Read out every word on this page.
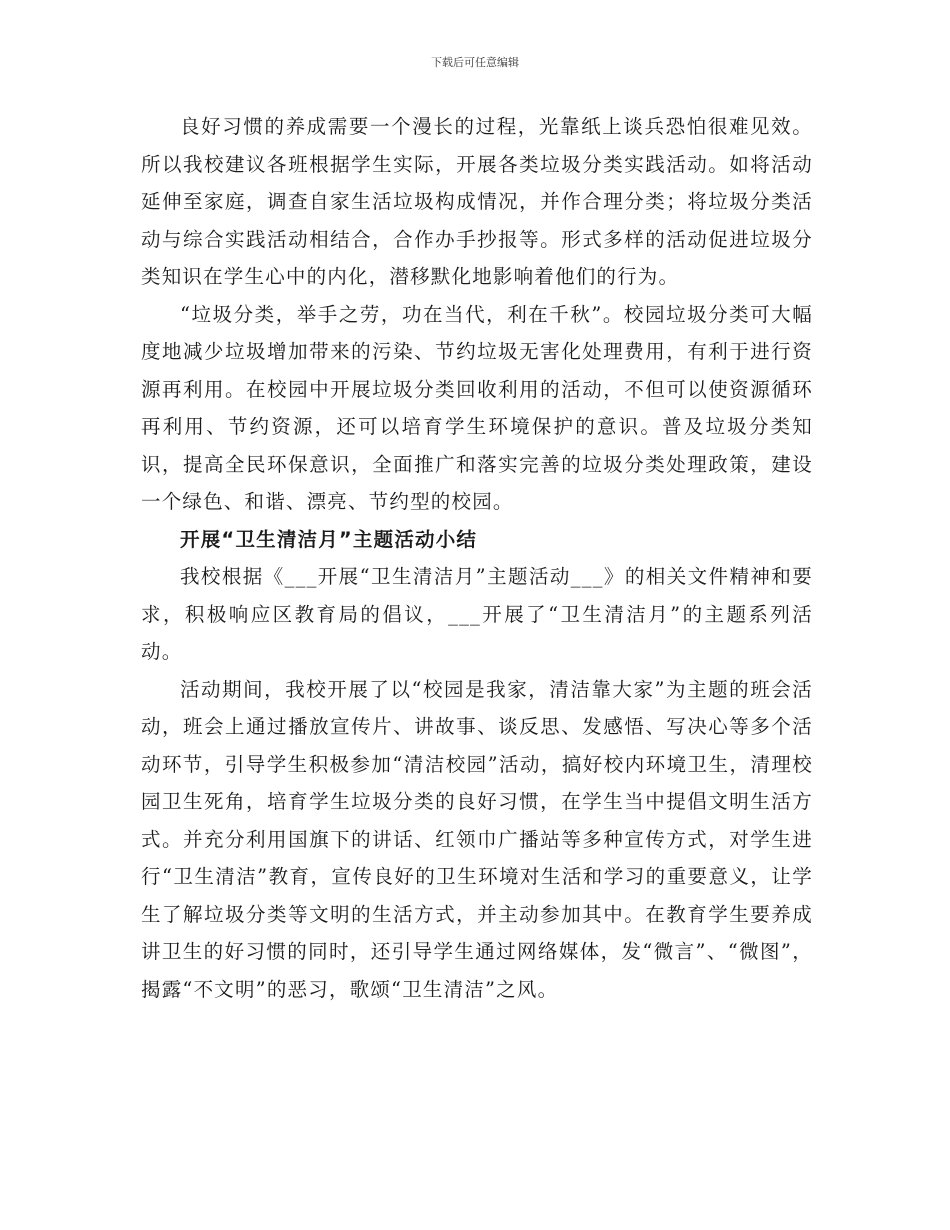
下载后可任意编辑

良好习惯的养成需要一个漫长的过程，光靠纸上谈兵恐怕很难见效。所以我校建议各班根据学生实际，开展各类垃圾分类实践活动。如将活动延伸至家庭，调查自家生活垃圾构成情况，并作合理分类；将垃圾分类活动与综合实践活动相结合，合作办手抄报等。形式多样的活动促进垃圾分类知识在学生心中的内化，潜移默化地影响着他们的行为。

“垃圾分类，举手之劳，功在当代，利在千秋”。校园垃圾分类可大幅度地减少垃圾增加带来的污染、节约垃圾无害化处理费用，有利于进行资源再利用。在校园中开展垃圾分类回收利用的活动，不但可以使资源循环再利用、节约资源，还可以培育学生环境保护的意识。普及垃圾分类知识，提高全民环保意识，全面推广和落实完善的垃圾分类处理政策，建设一个绿色、和谐、漂亮、节约型的校园。

开展“卫生清洁月”主题活动小结

我校根据《___开展“卫生清洁月”主题活动___》的相关文件精神和要求，积极响应区教育局的倡议，___开展了“卫生清洁月”的主题系列活动。

活动期间，我校开展了以“校园是我家，清洁靠大家”为主题的班会活动，班会上通过播放宣传片、讲故事、谈反思、发感悟、写决心等多个活动环节，引导学生积极参加“清洁校园”活动，搞好校内环境卫生，清理校园卫生死角，培育学生垃圾分类的良好习惯，在学生当中提倡文明生活方式。并充分利用国旗下的讲话、红领巾广播站等多种宣传方式，对学生进行“卫生清洁”教育，宣传良好的卫生环境对生活和学习的重要意义，让学生了解垃圾分类等文明的生活方式，并主动参加其中。在教育学生要养成讲卫生的好习惯的同时，还引导学生通过网络媒体，发“微言”、“微图”，揭露“不文明”的恶习，歌颂“卫生清洁”之风。
